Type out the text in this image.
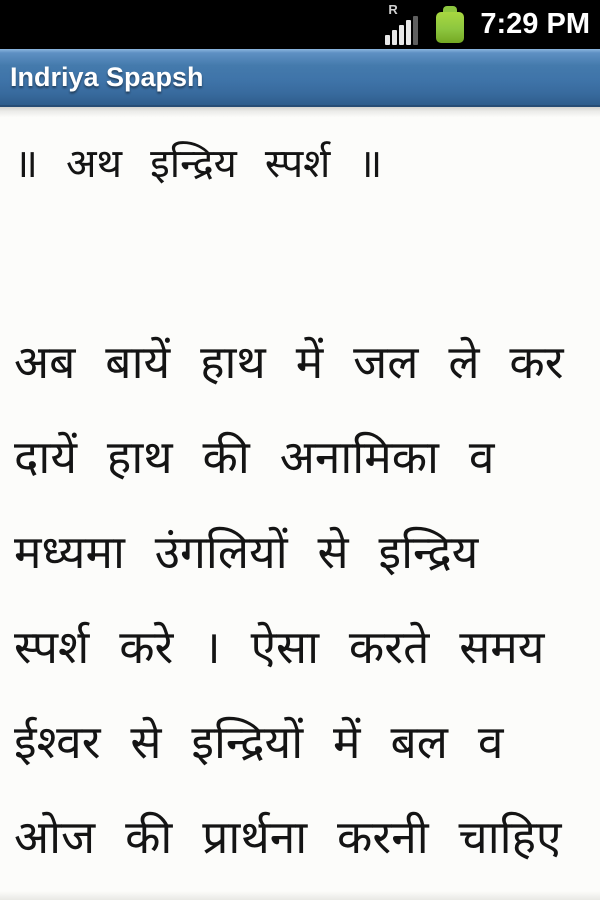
R	7:29 PM
Indriya Spapsh
॥ अथ इन्द्रिय स्पर्श ॥
अब बायें हाथ में जल ले कर
दायें हाथ की अनामिका व
मध्यमा उंगलियों से इन्द्रिय
स्पर्श करे । ऐसा करते समय
ईश्वर से इन्द्रियों में बल व
ओज की प्रार्थना करनी चाहिए
